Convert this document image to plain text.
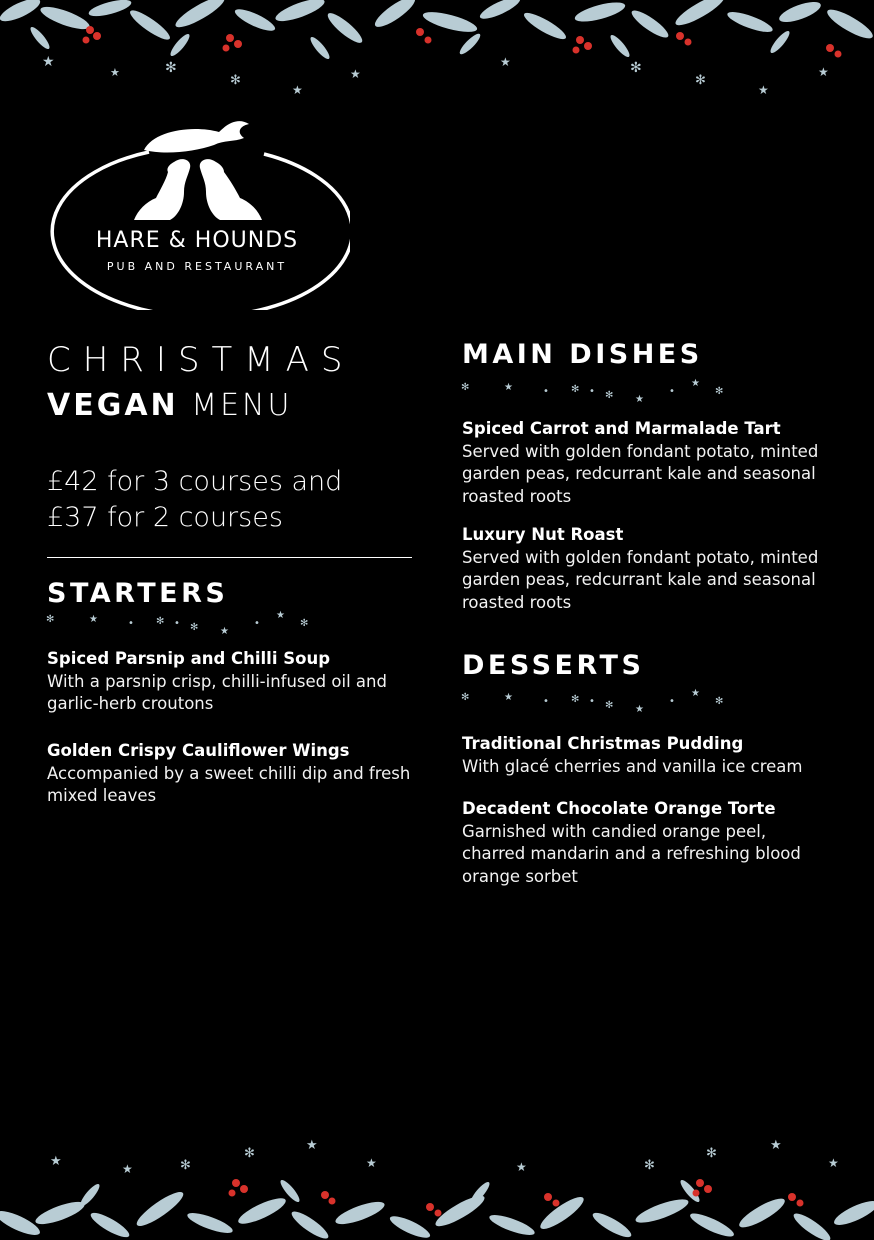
★
★	✻
✻
★
★
★	✻
✻
★
★
HARE & HOUNDS
PUB AND RESTAURANT
CHRISTMAS
VEGAN MENU
£42 for 3 courses and
£37 for 2 courses
STARTERS
✻	★	• ✻ • ✻ ★
•
★
✻
Spiced Parsnip and Chilli Soup
With a parsnip crisp, chilli-infused oil and garlic-herb croutons
Golden Crispy Cauliflower Wings
Accompanied by a sweet chilli dip and fresh mixed leaves
MAIN DISHES
✻	★	• ✻ • ✻ ★
•
★
✻
Spiced Carrot and Marmalade Tart
Served with golden fondant potato, minted garden peas, redcurrant kale and seasonal roasted roots
Luxury Nut Roast
Served with golden fondant potato, minted garden peas, redcurrant kale and seasonal roasted roots
DESSERTS
✻	★	• ✻ • ✻ ★
•
★
✻
Traditional Christmas Pudding
With glacé cherries and vanilla ice cream
Decadent Chocolate Orange Torte
Garnished with candied orange peel, charred mandarin and a refreshing blood orange sorbet
★	★	✻
✻
★
★	★	✻
✻
★
★
